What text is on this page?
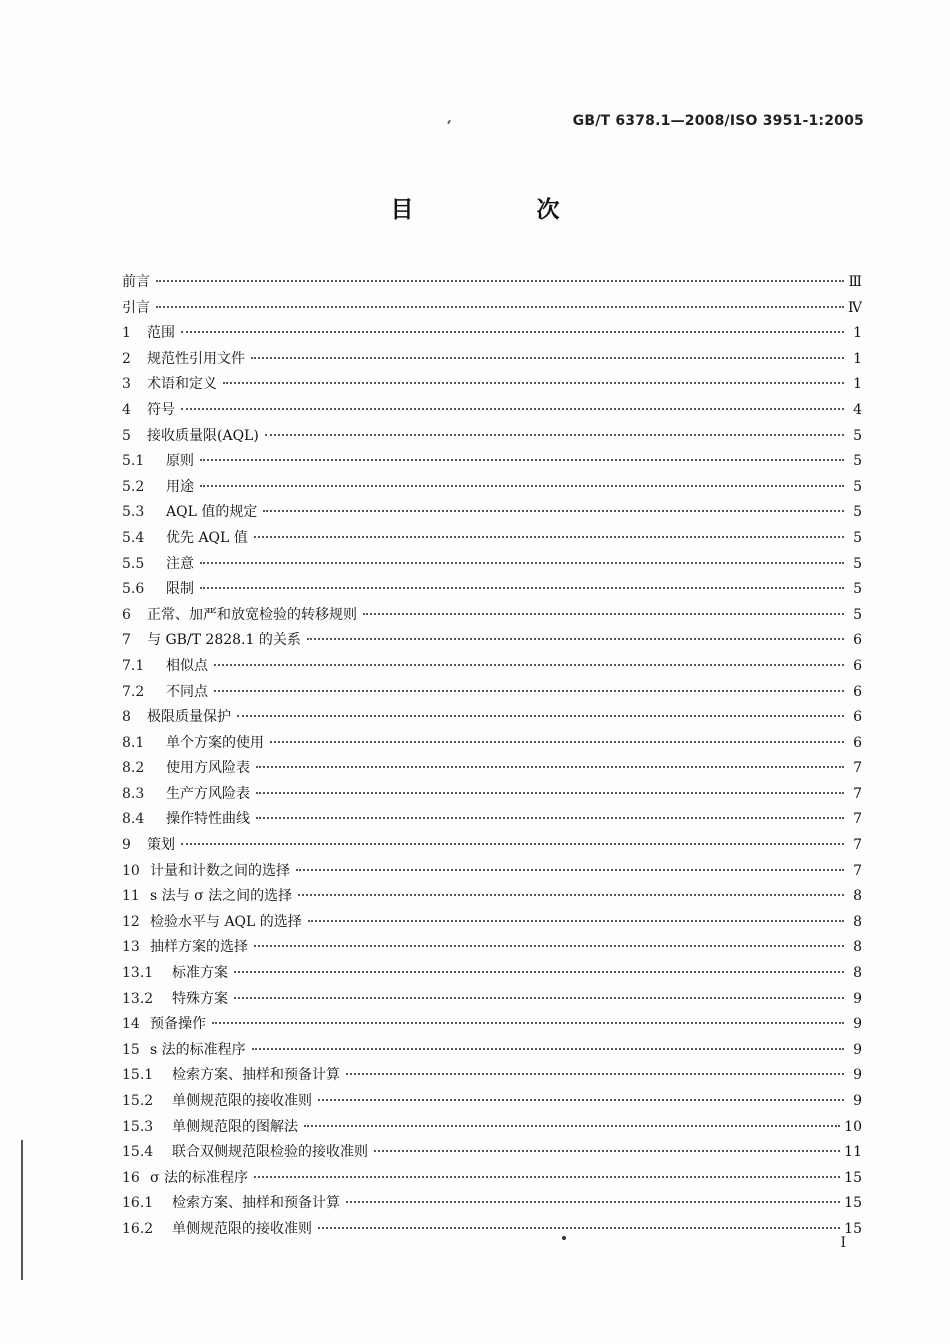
GB/T 6378.1—2008/ISO 3951-1:2005
目　次
前言	Ⅲ
引言	Ⅳ
1	范围	1
2	规范性引用文件	1
3	术语和定义	1
4	符号	4
5	接收质量限(AQL)	5
5.1	原则	5
5.2	用途	5
5.3	AQL 值的规定	5
5.4	优先 AQL 值	5
5.5	注意	5
5.6	限制	5
6	正常、加严和放宽检验的转移规则	5
7	与 GB/T 2828.1 的关系	6
7.1	相似点	6
7.2	不同点	6
8	极限质量保护	6
8.1	单个方案的使用	6
8.2	使用方风险表	7
8.3	生产方风险表	7
8.4	操作特性曲线	7
9	策划	7
10 计量和计数之间的选择	7
11 s 法与 σ 法之间的选择	8
12 检验水平与 AQL 的选择	8
13 抽样方案的选择	8
13.1	标准方案	8
13.2	特殊方案	9
14 预备操作	9
15 s 法的标准程序	9
15.1	检索方案、抽样和预备计算	9
15.2	单侧规范限的接收准则	9
15.3	单侧规范限的图解法	10
15.4	联合双侧规范限检验的接收准则	11
16 σ 法的标准程序	15
16.1	检索方案、抽样和预备计算	15
16.2	单侧规范限的接收准则	15
I
